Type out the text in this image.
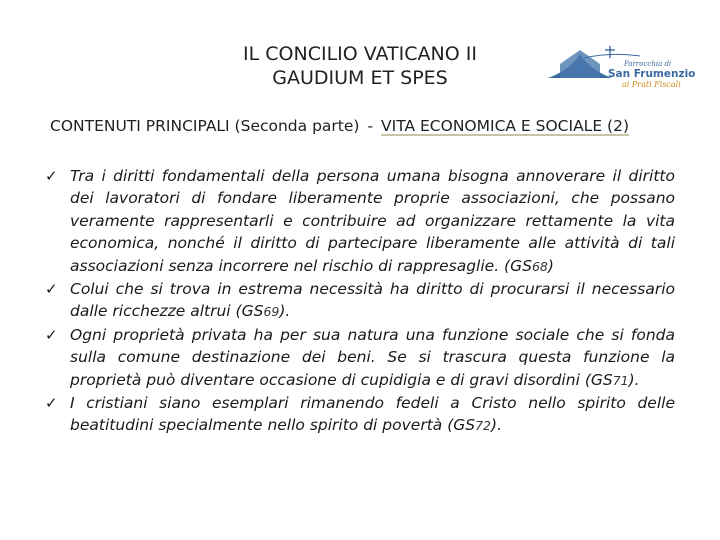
IL CONCILIO VATICANO II
GAUDIUM ET SPES
Parrocchia di
San Frumenzio
ai Prati Fiscali
CONTENUTI PRINCIPALI (Seconda parte) - VITA ECONOMICA E SOCIALE (2)
✓ Tra i diritti fondamentali della persona umana bisogna annoverare il diritto dei lavoratori di fondare liberamente proprie associazioni, che possano veramente rappresentarli e contribuire ad organizzare rettamente la vita economica, nonché il diritto di partecipare liberamente alle attività di tali associazioni senza incorrere nel rischio di rappresaglie. (GS68)
✓ Colui che si trova in estrema necessità ha diritto di procurarsi il necessario dalle ricchezze altrui (GS69).
✓ Ogni proprietà privata ha per sua natura una funzione sociale che si fonda sulla comune destinazione dei beni. Se si trascura questa funzione la proprietà può diventare occasione di cupidigia e di gravi disordini (GS71).
✓ I cristiani siano esemplari rimanendo fedeli a Cristo nello spirito delle beatitudini specialmente nello spirito di povertà (GS72).
